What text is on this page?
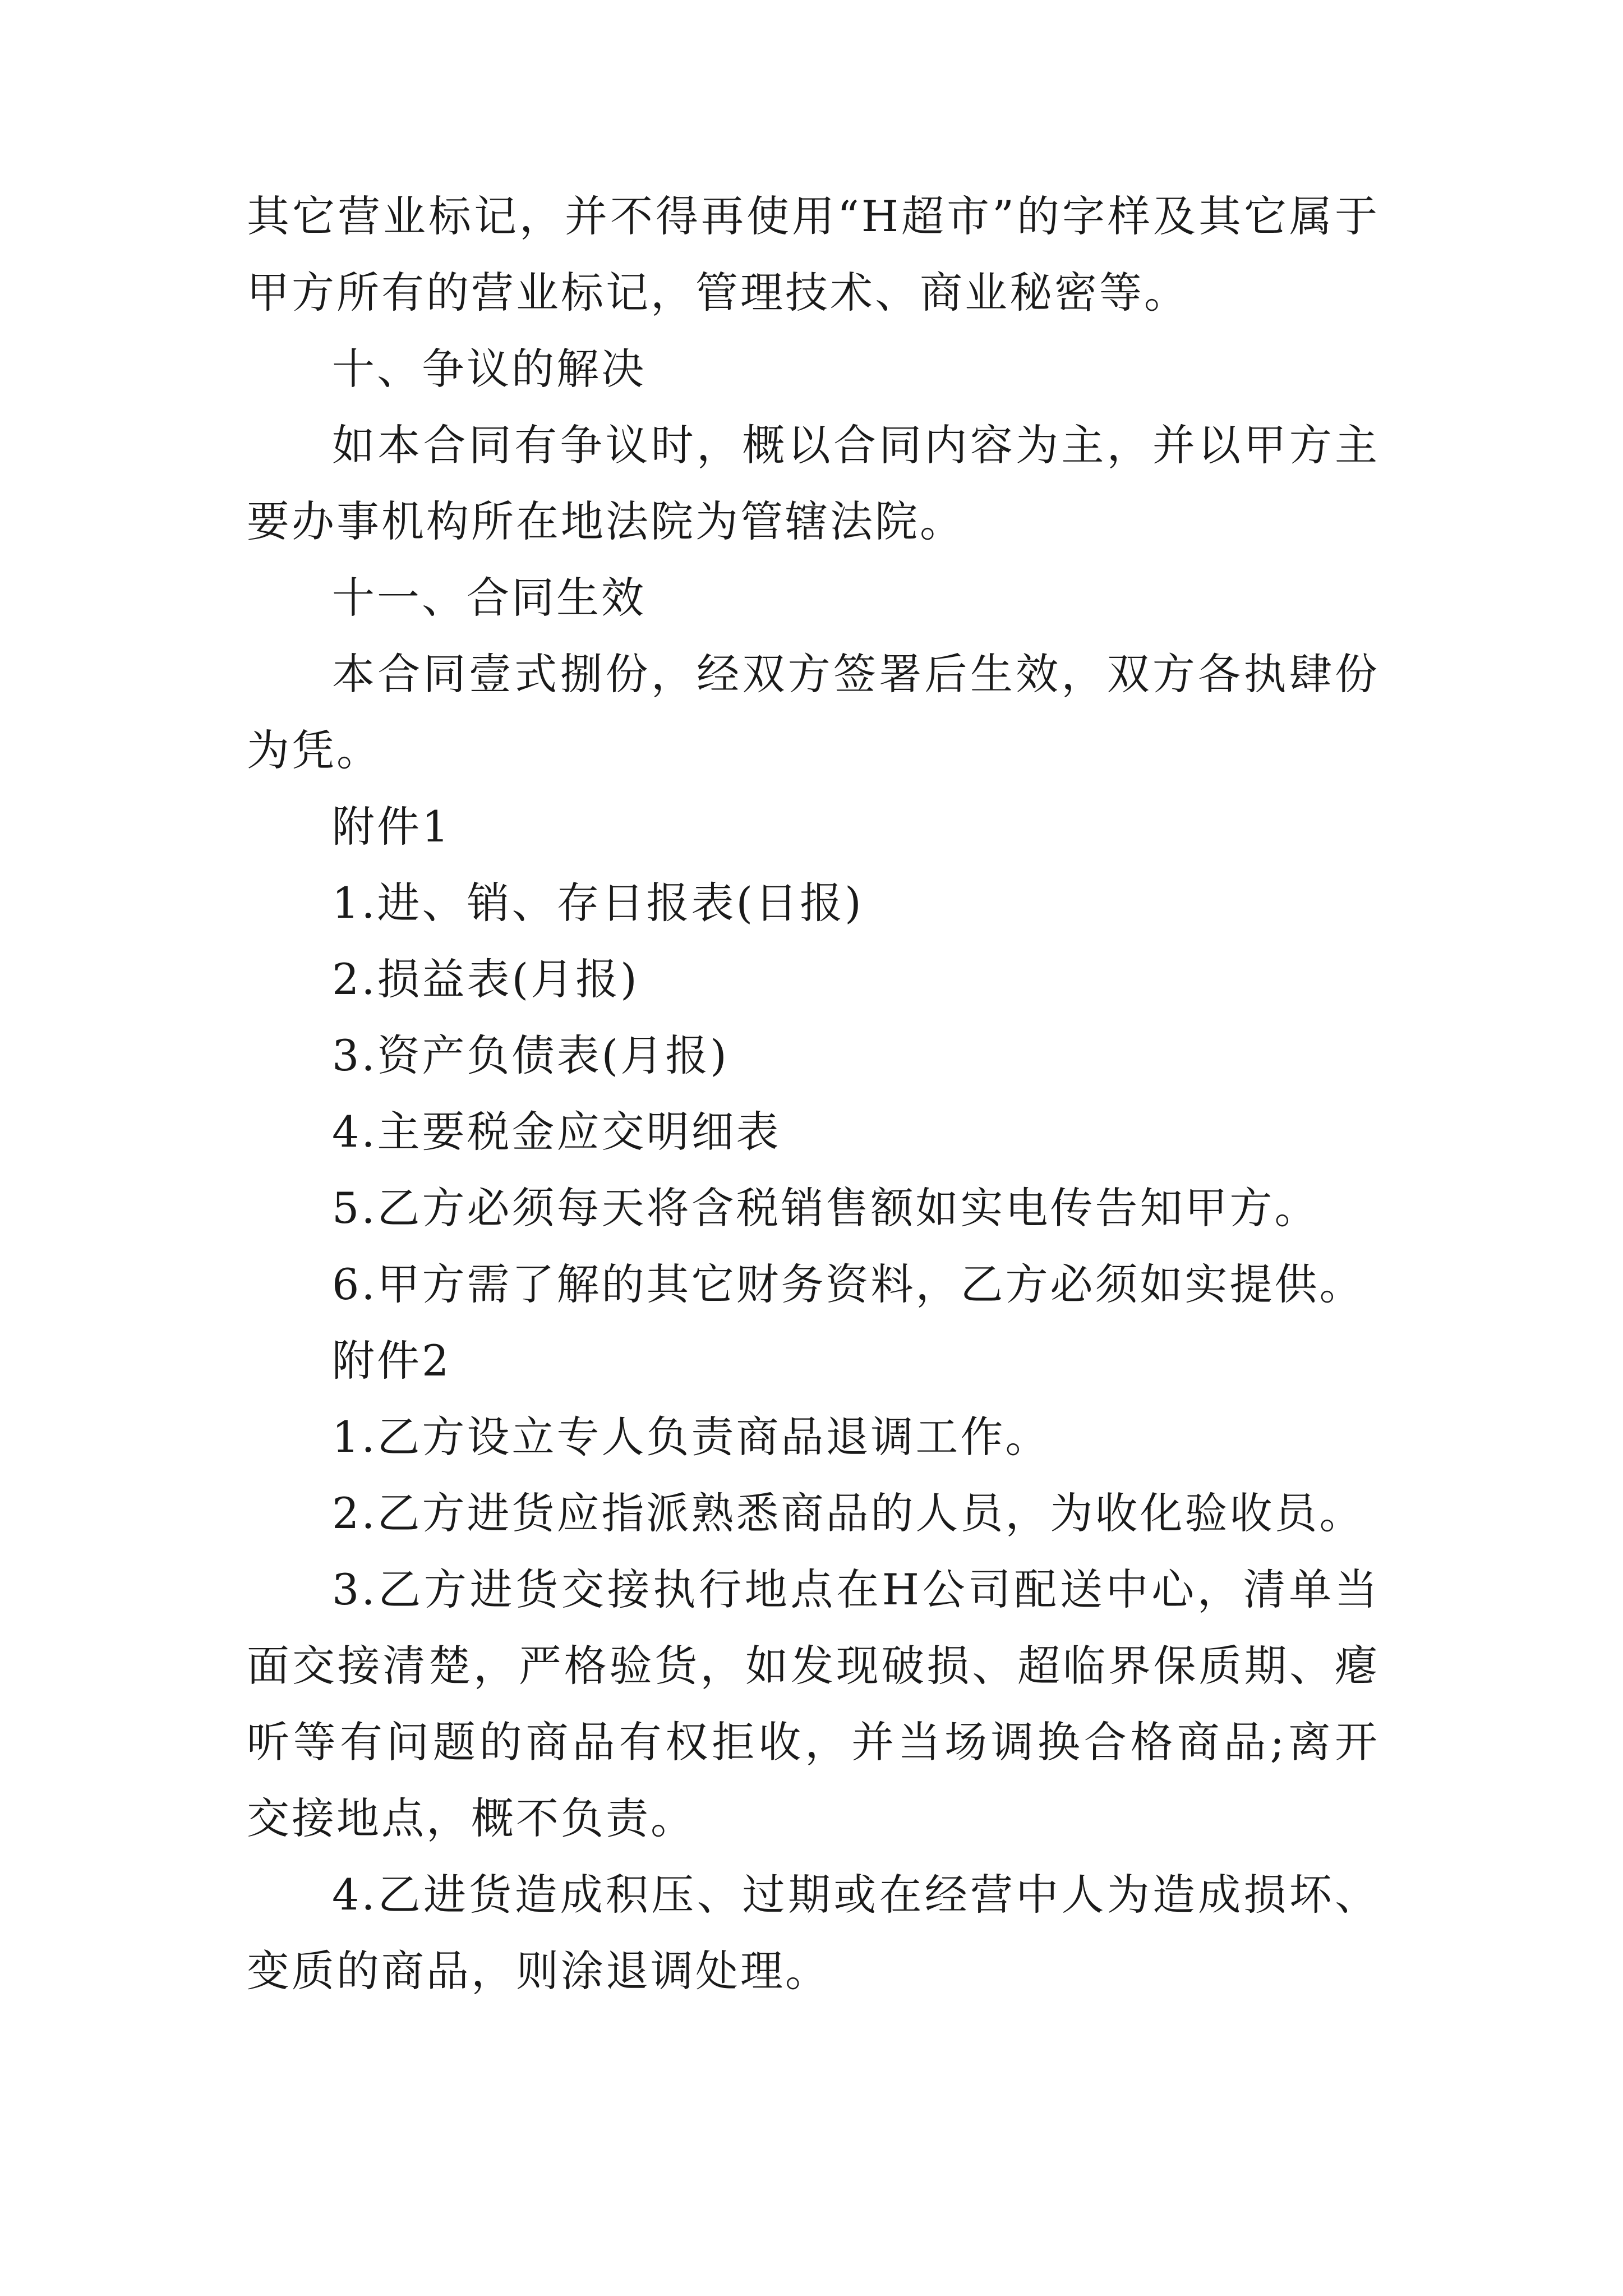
其它营业标记，并不得再使用“H超市”的字样及其它属于甲方所有的营业标记，管理技术、商业秘密等。

十、争议的解决

如本合同有争议时，概以合同内容为主，并以甲方主要办事机构所在地法院为管辖法院。

十一、合同生效

本合同壹式捌份，经双方签署后生效，双方各执肆份为凭。

附件1

1.进、销、存日报表(日报)

2.损益表(月报)

3.资产负债表(月报)

4.主要税金应交明细表

5.乙方必须每天将含税销售额如实电传告知甲方。

6.甲方需了解的其它财务资料，乙方必须如实提供。

附件2

1.乙方设立专人负责商品退调工作。

2.乙方进货应指派熟悉商品的人员，为收化验收员。

3.乙方进货交接执行地点在H公司配送中心，清单当面交接清楚，严格验货，如发现破损、超临界保质期、瘪听等有问题的商品有权拒收，并当场调换合格商品;离开交接地点，概不负责。

4.乙进货造成积压、过期或在经营中人为造成损坏、变质的商品，则涂退调处理。
